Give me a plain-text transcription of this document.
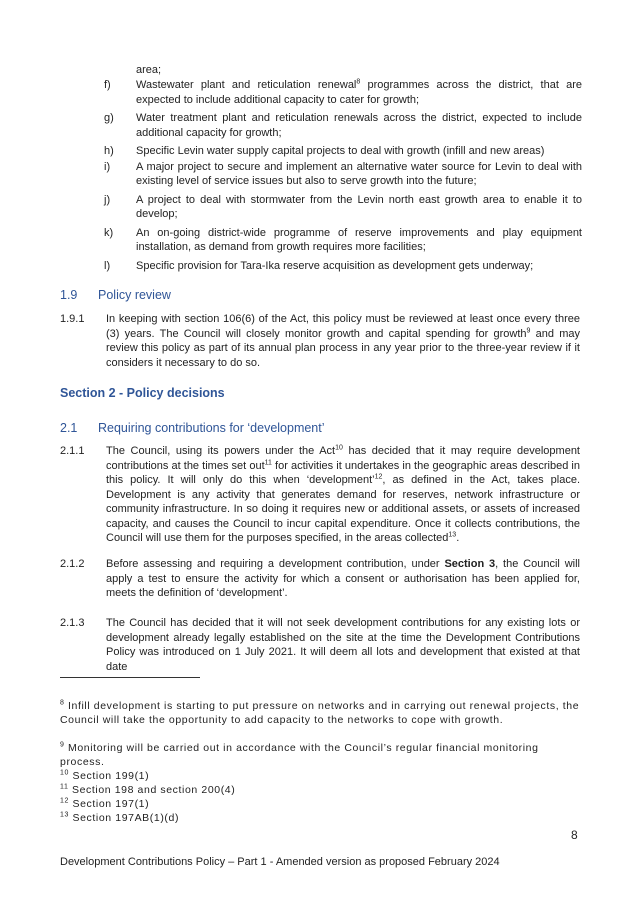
area;
f)	Wastewater plant and reticulation renewal$^8$ programmes across the district, that are expected to include additional capacity to cater for growth;
g)	Water treatment plant and reticulation renewals across the district, expected to include additional capacity for growth;
h)	Specific Levin water supply capital projects to deal with growth (infill and new areas)
i)	A major project to secure and implement an alternative water source for Levin to deal with existing level of service issues but also to serve growth into the future;
j)	A project to deal with stormwater from the Levin north east growth area to enable it to develop;
k)	An on-going district-wide programme of reserve improvements and play equipment installation, as demand from growth requires more facilities;
l)	Specific provision for Tara-Ika reserve acquisition as development gets underway;
1.9 Policy review
1.9.1	In keeping with section 106(6) of the Act, this policy must be reviewed at least once every three (3) years. The Council will closely monitor growth and capital spending for growth$^9$ and may review this policy as part of its annual plan process in any year prior to the three-year review if it considers it necessary to do so.
Section 2 - Policy decisions
2.1 Requiring contributions for ‘development’
2.1.1	The Council, using its powers under the Act$^{10}$ has decided that it may require development contributions at the times set out$^{11}$ for activities it undertakes in the geographic areas described in this policy. It will only do this when ‘development’$^{12}$, as defined in the Act, takes place. Development is any activity that generates demand for reserves, network infrastructure or community infrastructure. In so doing it requires new or additional assets, or assets of increased capacity, and causes the Council to incur capital expenditure. Once it collects contributions, the Council will use them for the purposes specified, in the areas collected$^{13}$.
2.1.2	Before assessing and requiring a development contribution, under Section 3, the Council will apply a test to ensure the activity for which a consent or authorisation has been applied for, meets the definition of ‘development’.
2.1.3	The Council has decided that it will not seek development contributions for any existing lots or development already legally established on the site at the time the Development Contributions Policy was introduced on 1 July 2021. It will deem all lots and development that existed at that date
$^8$ Infill development is starting to put pressure on networks and in carrying out renewal projects, the Council will take the opportunity to add capacity to the networks to cope with growth.
$^9$ Monitoring will be carried out in accordance with the Council’s regular financial monitoring process.
$^{10}$ Section 199(1)
$^{11}$ Section 198 and section 200(4)
$^{12}$ Section 197(1)
$^{13}$ Section 197AB(1)(d)
8
Development Contributions Policy – Part 1 - Amended version as proposed February 2024
